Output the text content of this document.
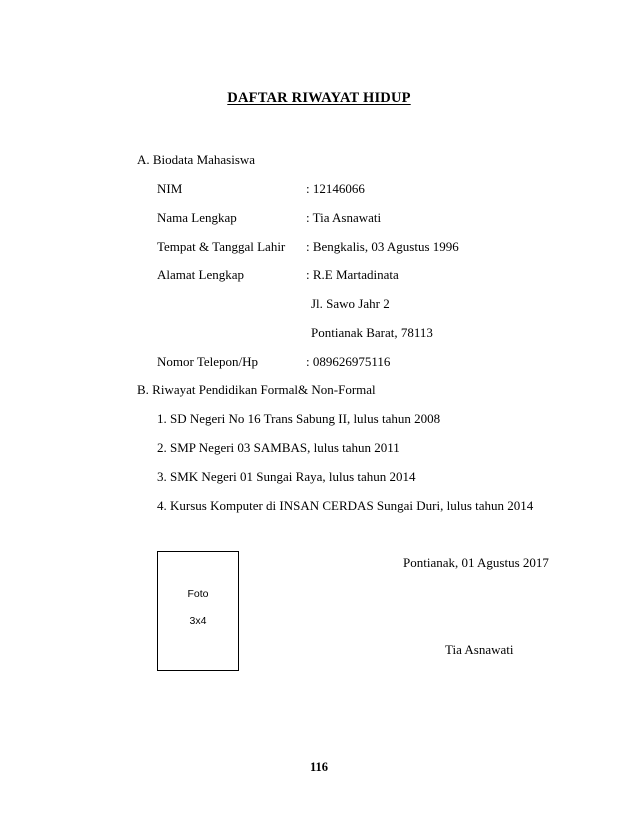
DAFTAR RIWAYAT HIDUP
A. Biodata Mahasiswa
NIM	: 12146066
Nama Lengkap	: Tia Asnawati
Tempat & Tanggal Lahir : Bengkalis, 03 Agustus 1996
Alamat Lengkap	: R.E Martadinata
Jl. Sawo Jahr 2
Pontianak Barat, 78113
Nomor Telepon/Hp	: 089626975116
B. Riwayat Pendidikan Formal& Non-Formal
1. SD Negeri No 16 Trans Sabung II, lulus tahun 2008
2. SMP Negeri 03 SAMBAS, lulus tahun 2011
3. SMK Negeri 01 Sungai Raya, lulus tahun 2014
4. Kursus Komputer di INSAN CERDAS Sungai Duri, lulus tahun 2014
Foto
3x4
Pontianak, 01 Agustus 2017
Tia Asnawati
116
